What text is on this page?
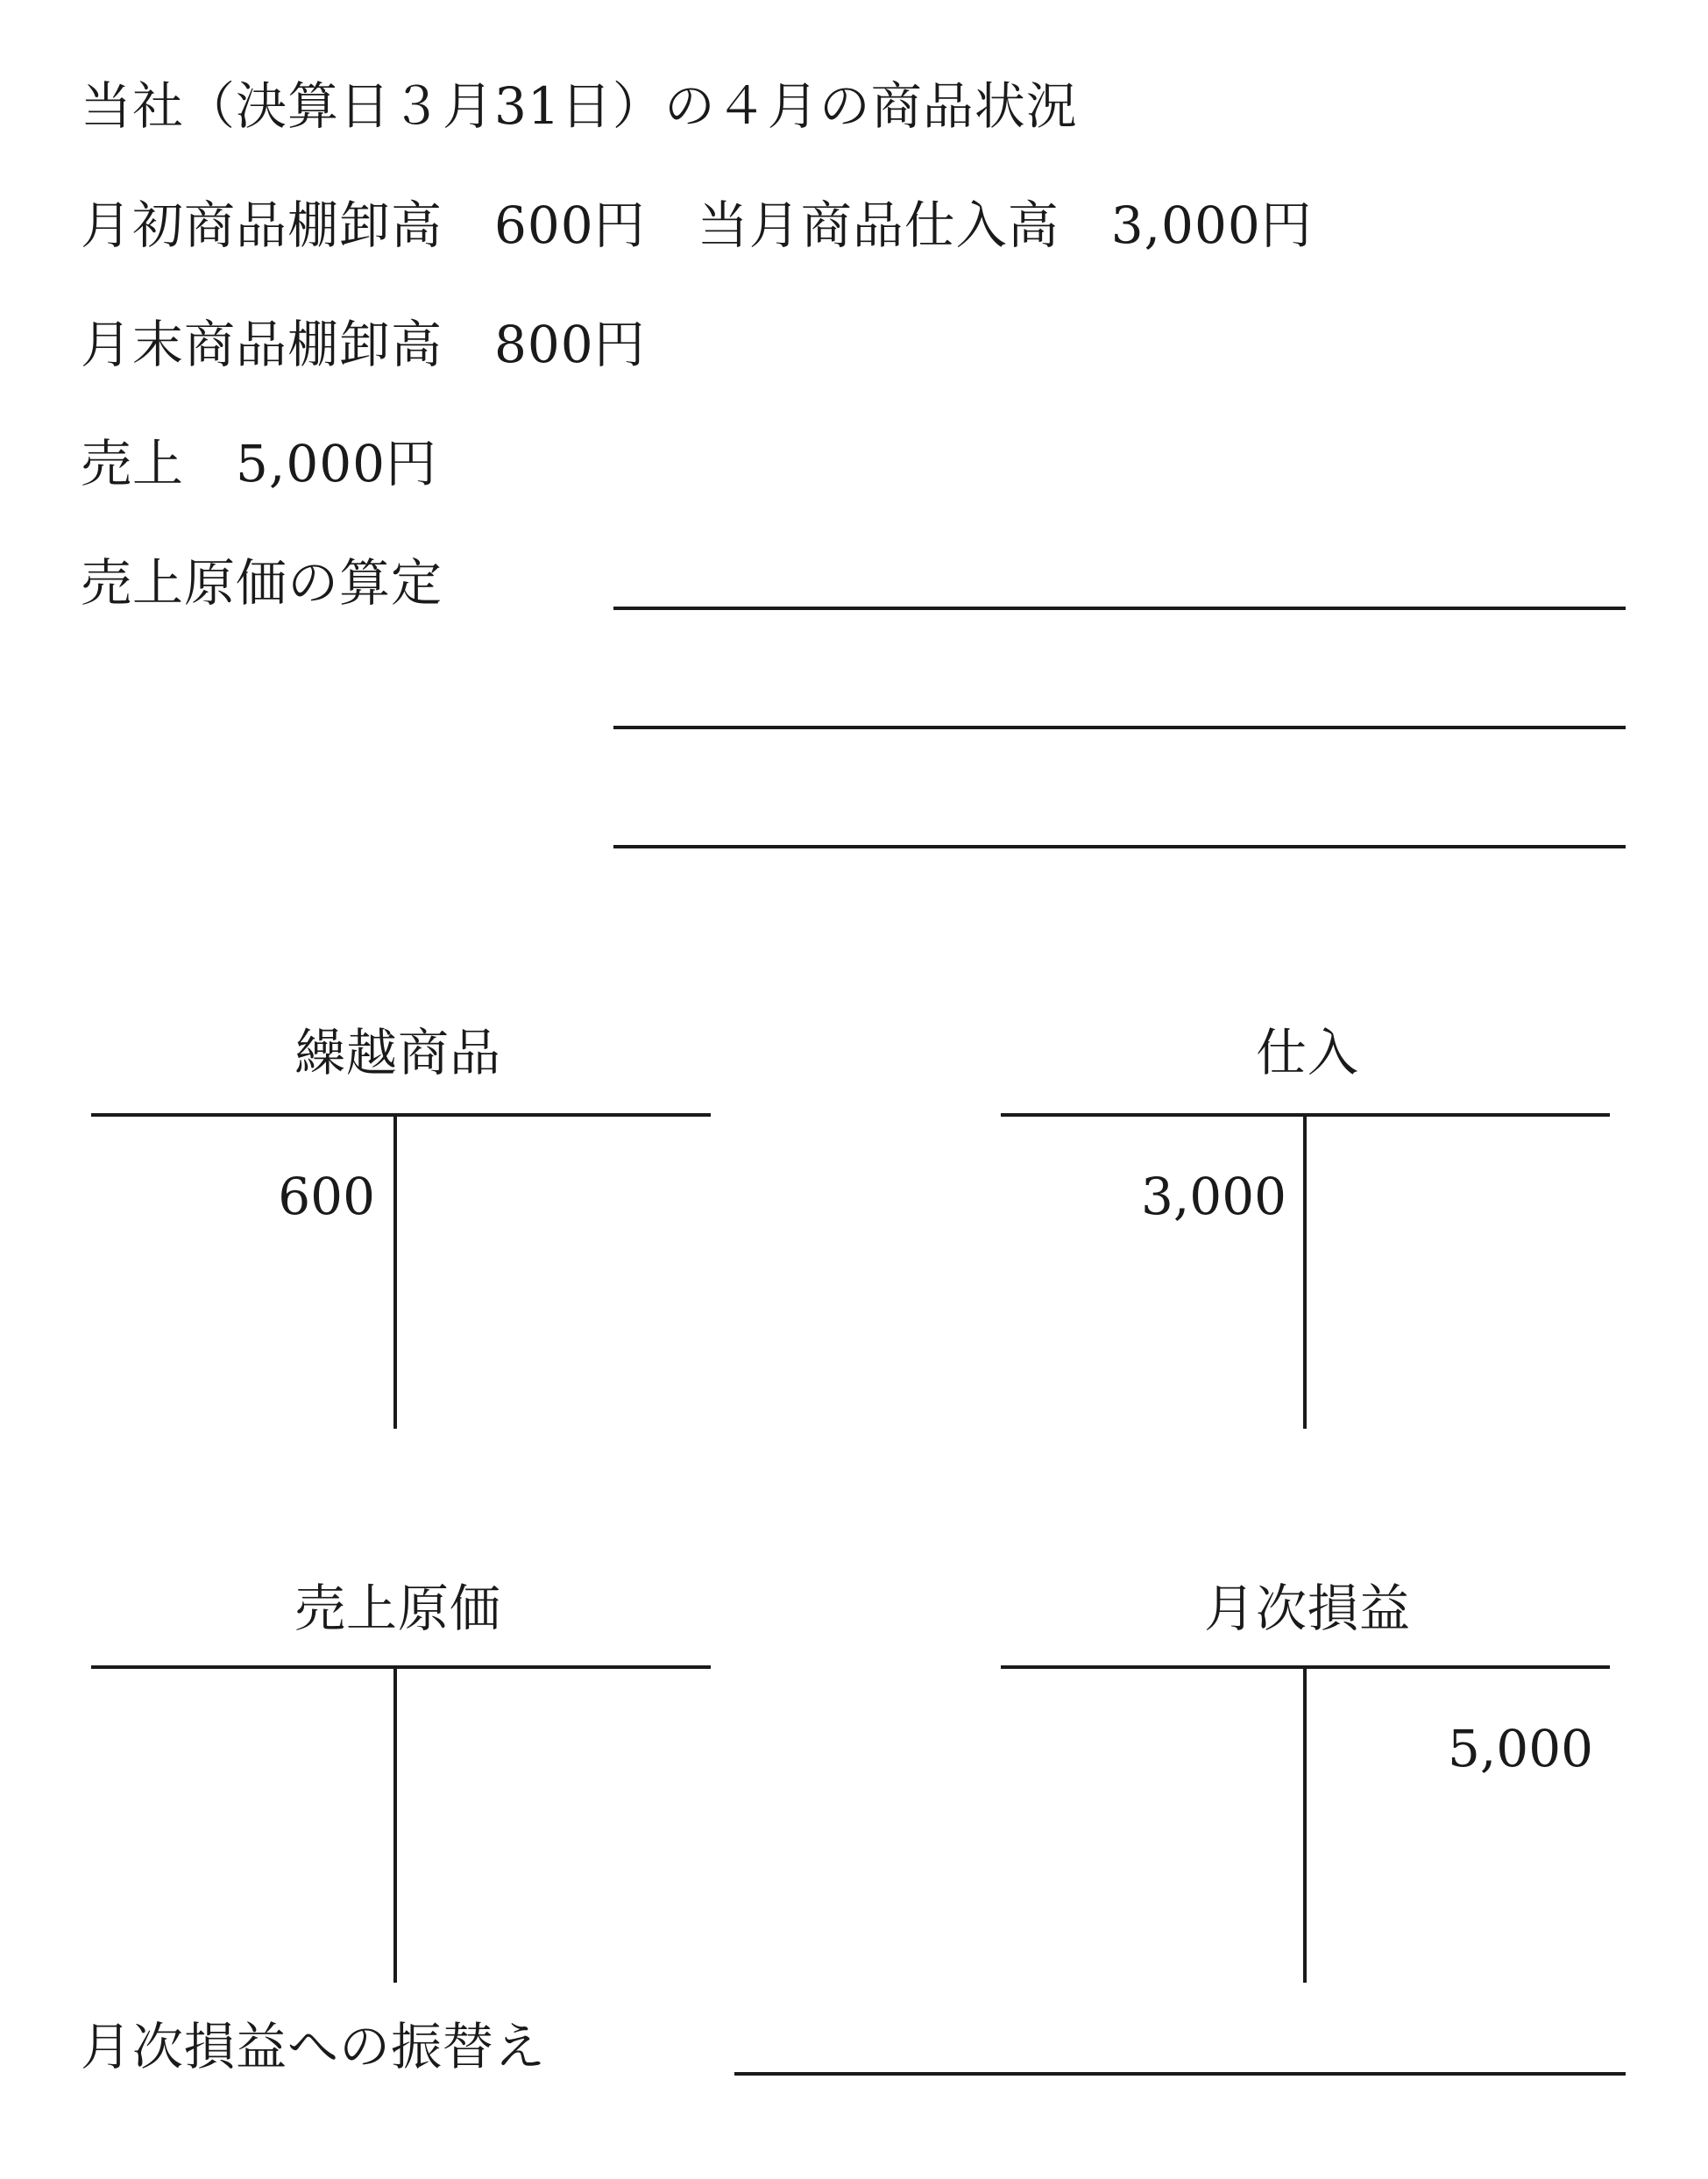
当社（決算日３月31日）の４月の商品状況
月初商品棚卸高　600円　当月商品仕入高　3,000円
月末商品棚卸高　800円
売上　5,000円
売上原価の算定
繰越商品
600
仕入
3,000
売上原価	月次損益
5,000
月次損益への振替え
